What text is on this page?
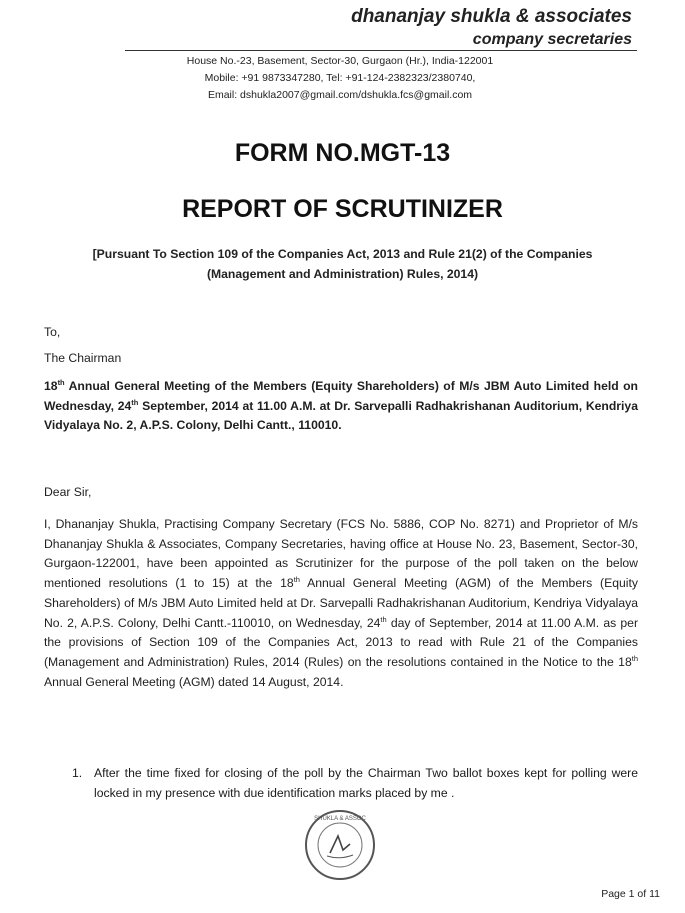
dhananjay shukla & associates
company secretaries
House No.-23, Basement, Sector-30, Gurgaon (Hr.), India-122001
Mobile: +91 9873347280, Tel: +91-124-2382323/2380740,
Email: dshukla2007@gmail.com/dshukla.fcs@gmail.com
FORM NO.MGT-13
REPORT OF SCRUTINIZER
[Pursuant To Section 109 of the Companies Act, 2013 and Rule 21(2) of the Companies
(Management and Administration) Rules, 2014)
To,
The Chairman
18th Annual General Meeting of the Members (Equity Shareholders) of M/s JBM Auto Limited held on Wednesday, 24th September, 2014 at 11.00 A.M. at Dr. Sarvepalli Radhakrishanan Auditorium, Kendriya Vidyalaya No. 2, A.P.S. Colony, Delhi Cantt., 110010.
Dear Sir,
I, Dhananjay Shukla, Practising Company Secretary (FCS No. 5886, COP No. 8271) and Proprietor of M/s Dhananjay Shukla & Associates, Company Secretaries, having office at House No. 23, Basement, Sector-30, Gurgaon-122001, have been appointed as Scrutinizer for the purpose of the poll taken on the below mentioned resolutions (1 to 15) at the 18th Annual General Meeting (AGM) of the Members (Equity Shareholders) of M/s JBM Auto Limited held at Dr. Sarvepalli Radhakrishanan Auditorium, Kendriya Vidyalaya No. 2, A.P.S. Colony, Delhi Cantt.-110010, on Wednesday, 24th day of September, 2014 at 11.00 A.M. as per the provisions of Section 109 of the Companies Act, 2013 to read with Rule 21 of the Companies (Management and Administration) Rules, 2014 (Rules) on the resolutions contained in the Notice to the 18th Annual General Meeting (AGM) dated 14 August, 2014.
1. After the time fixed for closing of the poll by the Chairman Two ballot boxes kept for polling were locked in my presence with due identification marks placed by me .
SHUKLA & ASSOC
Page 1 of 11
